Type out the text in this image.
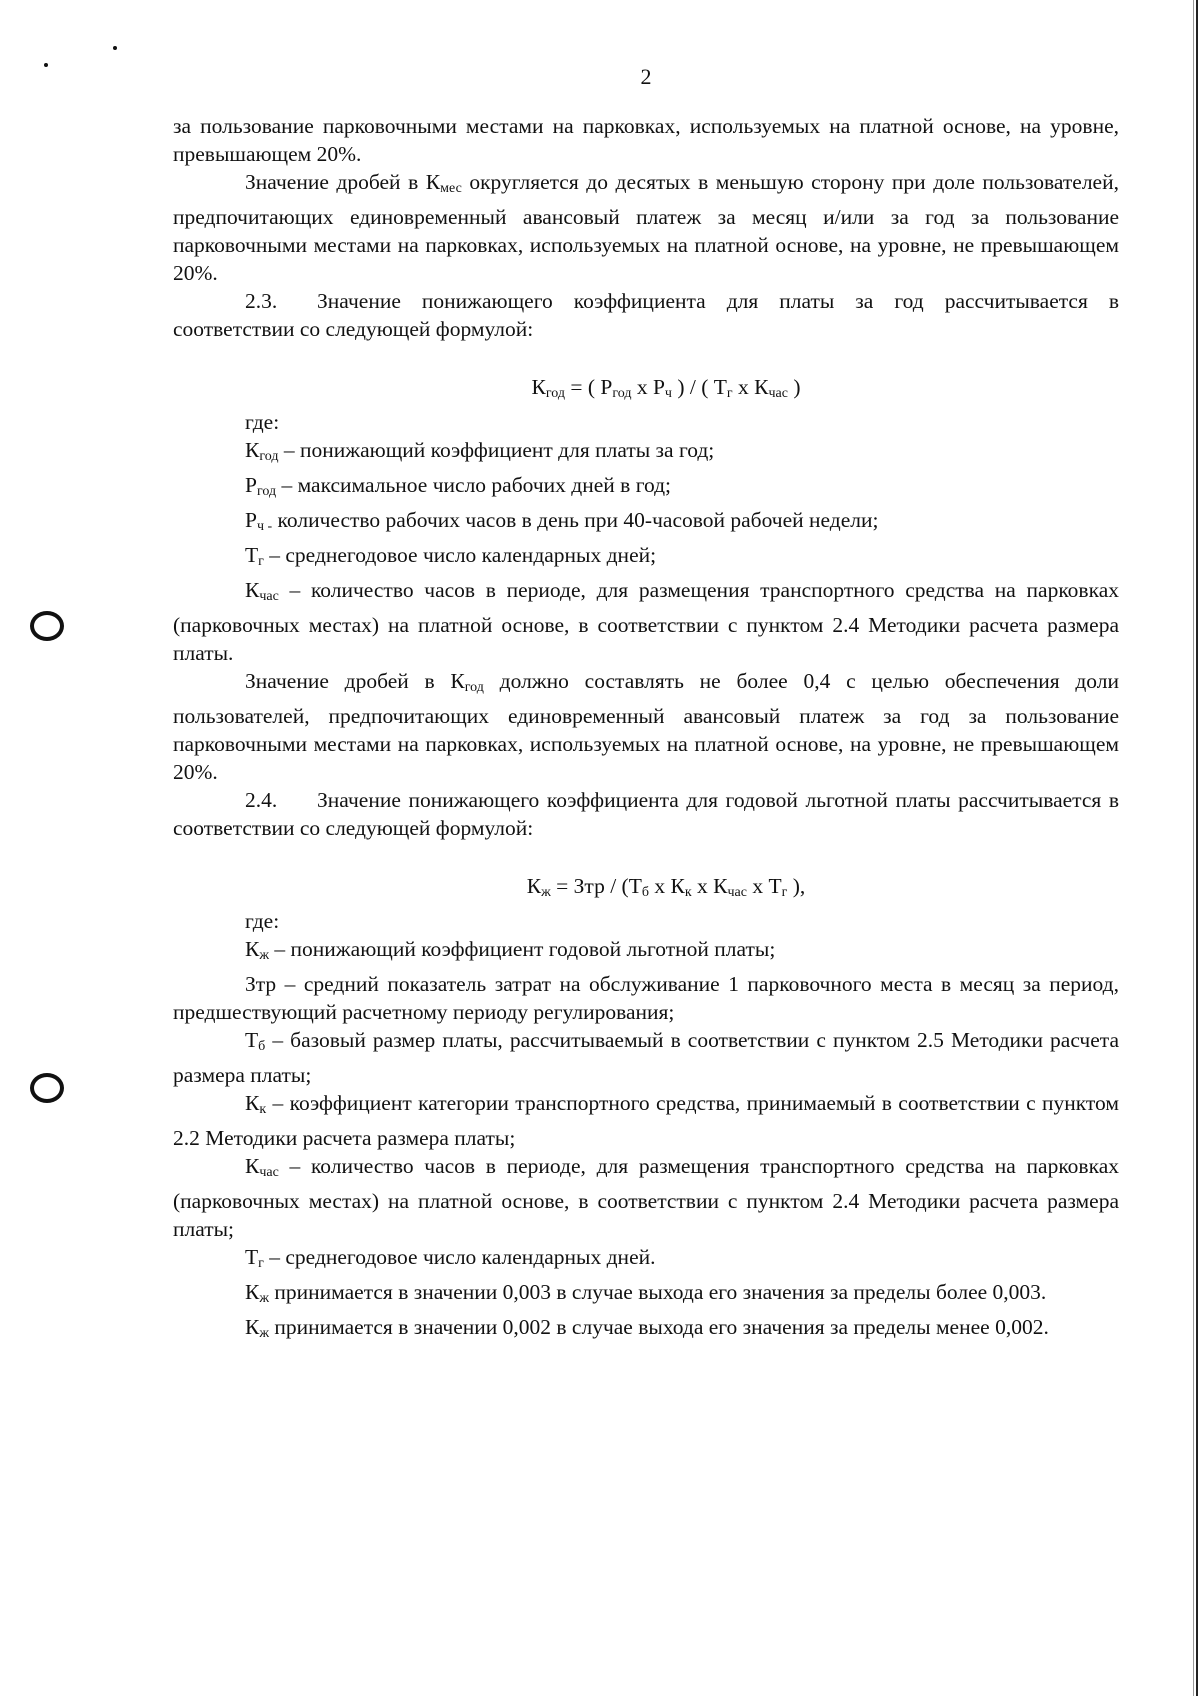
2

за пользование парковочными местами на парковках, используемых на платной основе, на уровне, превышающем 20%.

Значение дробей в $К_{мес}$ округляется до десятых в меньшую сторону при доле пользователей, предпочитающих единовременный авансовый платеж за месяц и/или за год за пользование парковочными местами на парковках, используемых на платной основе, на уровне, не превышающем 20%.

2.3. Значение понижающего коэффициента для платы за год рассчитывается в соответствии со следующей формулой:

$К_{год}$ = ( $Р_{год}$ x $Р_ч$ ) / ( $Т_г$ x $К_{час}$ )

где:

$К_{год}$ – понижающий коэффициент для платы за год;

$Р_{год}$ – максимальное число рабочих дней в год;

$Р_{ч -}$ количество рабочих часов в день при 40-часовой рабочей недели;

$Т_г$ – среднегодовое число календарных дней;

$К_{час}$ – количество часов в периоде, для размещения транспортного средства на парковках (парковочных местах) на платной основе, в соответствии с пунктом 2.4 Методики расчета размера платы.

Значение дробей в $К_{год}$ должно составлять не более 0,4 с целью обеспечения доли пользователей, предпочитающих единовременный авансовый платеж за год за пользование парковочными местами на парковках, используемых на платной основе, на уровне, не превышающем 20%.

2.4. Значение понижающего коэффициента для годовой льготной платы рассчитывается в соответствии со следующей формулой:

$К_ж$ = Зтр / ($Т_б$ x $К_к$ x $К_{час}$ x $Т_г$ ),

где:

$К_ж$ – понижающий коэффициент годовой льготной платы;

Зтр – средний показатель затрат на обслуживание 1 парковочного места в месяц за период, предшествующий расчетному периоду регулирования;

$Т_б$ – базовый размер платы, рассчитываемый в соответствии с пунктом 2.5 Методики расчета размера платы;

$К_к$ – коэффициент категории транспортного средства, принимаемый в соответствии с пунктом 2.2 Методики расчета размера платы;

$К_{час}$ – количество часов в периоде, для размещения транспортного средства на парковках (парковочных местах) на платной основе, в соответствии с пунктом 2.4 Методики расчета размера платы;

$Т_г$ – среднегодовое число календарных дней.

$К_ж$ принимается в значении 0,003 в случае выхода его значения за пределы более 0,003.

$К_ж$ принимается в значении 0,002 в случае выхода его значения за пределы менее 0,002.
